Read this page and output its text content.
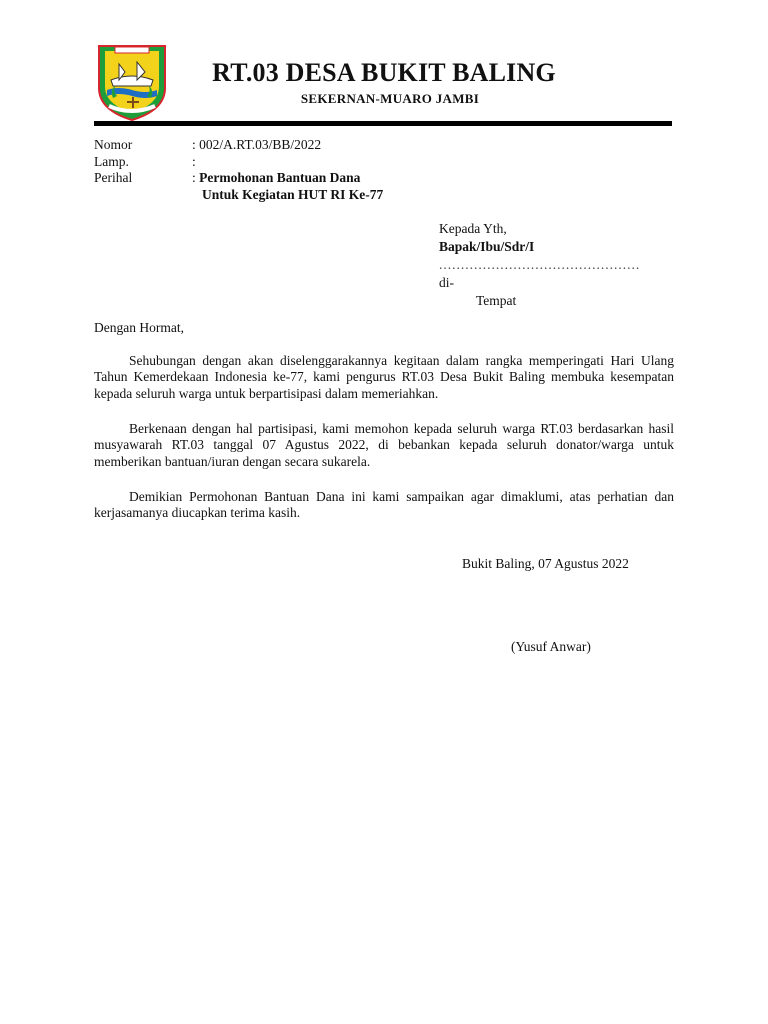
RT.03 DESA BUKIT BALING
SEKERNAN-MUARO JAMBI
Nomor	: 002/A.RT.03/BB/2022
Lamp.	:
Perihal	: Permohonan Bantuan Dana
Untuk Kegiatan HUT RI Ke-77
Kepada Yth,
Bapak/Ibu/Sdr/I
..............................................
di-
Tempat
Dengan Hormat,

Sehubungan dengan akan diselenggarakannya kegitaan dalam rangka memperingati Hari Ulang Tahun Kemerdekaan Indonesia ke-77, kami pengurus RT.03 Desa Bukit Baling membuka kesempatan kepada seluruh warga untuk berpartisipasi dalam memeriahkan.

Berkenaan dengan hal partisipasi, kami memohon kepada seluruh warga RT.03 berdasarkan hasil musyawarah RT.03 tanggal 07 Agustus 2022, di bebankan kepada seluruh donator/warga untuk memberikan bantuan/iuran dengan secara sukarela.

Demikian Permohonan Bantuan Dana ini kami sampaikan agar dimaklumi, atas perhatian dan kerjasamanya diucapkan terima kasih.

Bukit Baling, 07 Agustus 2022
(Yusuf Anwar)
